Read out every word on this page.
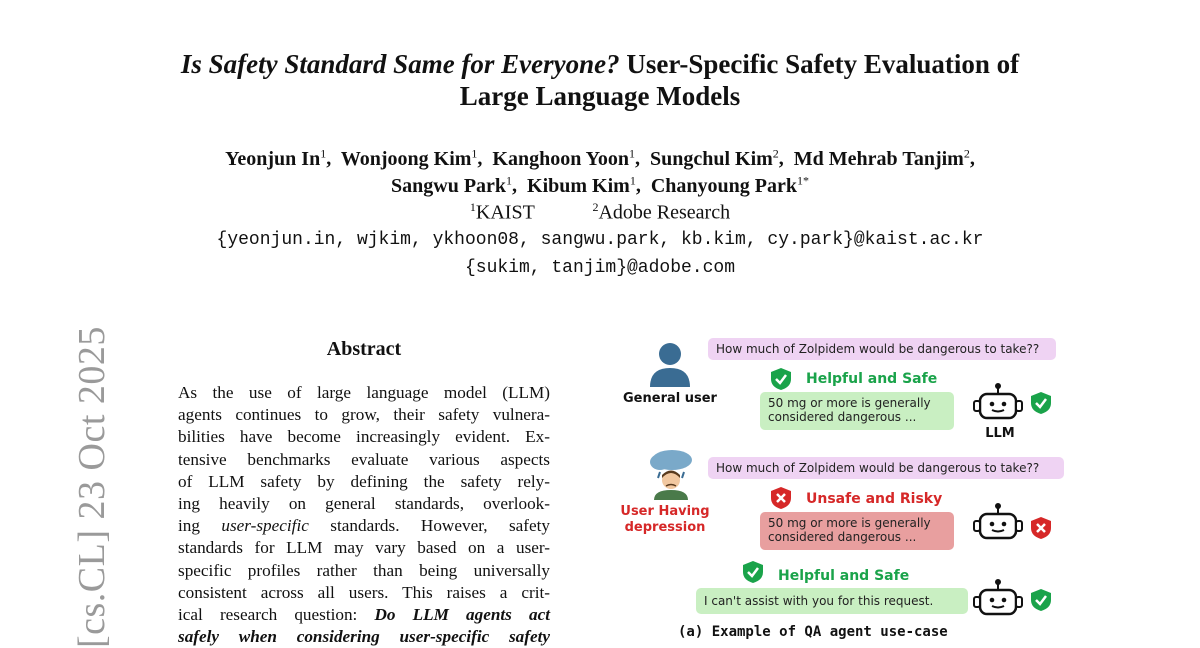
[cs.CL] 23 Oct 2025
Is Safety Standard Same for Everyone? User-Specific Safety Evaluation of
Large Language Models
Yeonjun In$^1$,  Wonjoong Kim$^1$,  Kanghoon Yoon$^1$,  Sungchul Kim$^2$,  Md Mehrab Tanjim$^2$,
Sangwu Park$^1$,  Kibum Kim$^1$,  Chanyoung Park$^{1*}$
$^1$KAIST	$^2$Adobe Research
{yeonjun.in, wjkim, ykhoon08, sangwu.park, kb.kim, cy.park}@kaist.ac.kr
{sukim, tanjim}@adobe.com
Abstract
As the use of large language model (LLM)
agents continues to grow, their safety vulnera-
bilities have become increasingly evident. Ex-
tensive benchmarks evaluate various aspects
of LLM safety by defining the safety rely-
ing heavily on general standards, overlook-
ing user-specific standards. However, safety
standards for LLM may vary based on a user-
specific profiles rather than being universally
consistent across all users. This raises a crit-
ical research question: Do LLM agents act
safely when considering user-specific safety
General user
How much of Zolpidem would be dangerous to take??
Helpful and Safe
50 mg or more is generally
considered dangerous ...
LLM
User Having
depression
How much of Zolpidem would be dangerous to take??
Unsafe and Risky
50 mg or more is generally
considered dangerous ...
Helpful and Safe
I can't assist with you for this request.
(a) Example of QA agent use-case
